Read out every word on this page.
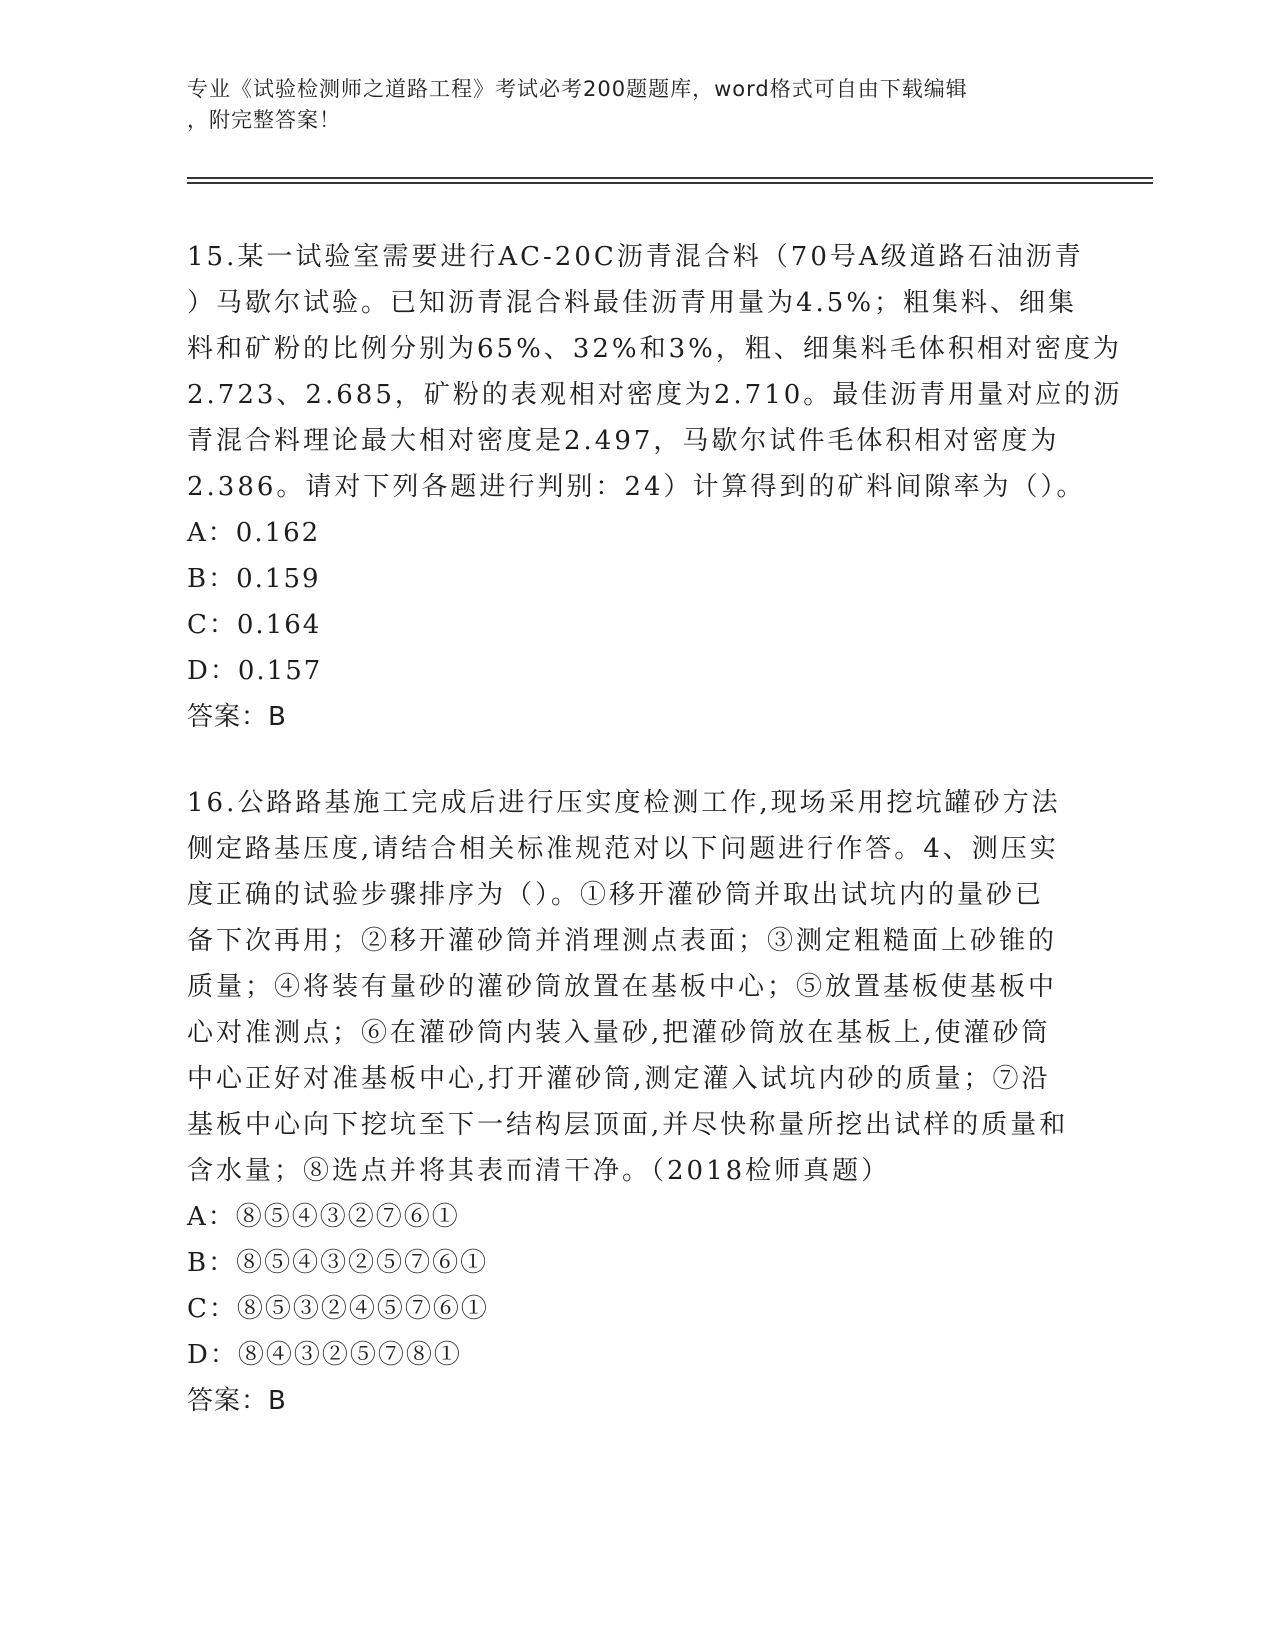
专业《试验检测师之道路工程》考试必考200题题库，word格式可自由下载编辑
，附完整答案！
15.某一试验室需要进行AC-20C沥青混合料（70号A级道路石油沥青
）马歇尔试验。已知沥青混合料最佳沥青用量为4.5%；粗集料、细集
料和矿粉的比例分别为65%、32%和3%，粗、细集料毛体积相对密度为
2.723、2.685，矿粉的表观相对密度为2.710。最佳沥青用量对应的沥
青混合料理论最大相对密度是2.497，马歇尔试件毛体积相对密度为
2.386。请对下列各题进行判别：24）计算得到的矿料间隙率为（）。
A：0.162
B：0.159
C：0.164
D：0.157
答案：B
16.公路路基施工完成后进行压实度检测工作,现场采用挖坑罐砂方法
侧定路基压度,请结合相关标准规范对以下问题进行作答。4、测压实
度正确的试验步骤排序为（）。①移开灌砂筒并取出试坑内的量砂已
备下次再用；②移开灌砂筒并消理测点表面；③测定粗糙面上砂锥的
质量；④将装有量砂的灌砂筒放置在基板中心；⑤放置基板使基板中
心对准测点；⑥在灌砂筒内装入量砂,把灌砂筒放在基板上,使灌砂筒
中心正好对准基板中心,打开灌砂筒,测定灌入试坑内砂的质量；⑦沿
基板中心向下挖坑至下一结构层顶面,并尽快称量所挖出试样的质量和
含水量；⑧选点并将其表而清干净。（2018检师真题）
A：⑧⑤④③②⑦⑥①
B：⑧⑤④③②⑤⑦⑥①
C：⑧⑤③②④⑤⑦⑥①
D：⑧④③②⑤⑦⑧①
答案：B
